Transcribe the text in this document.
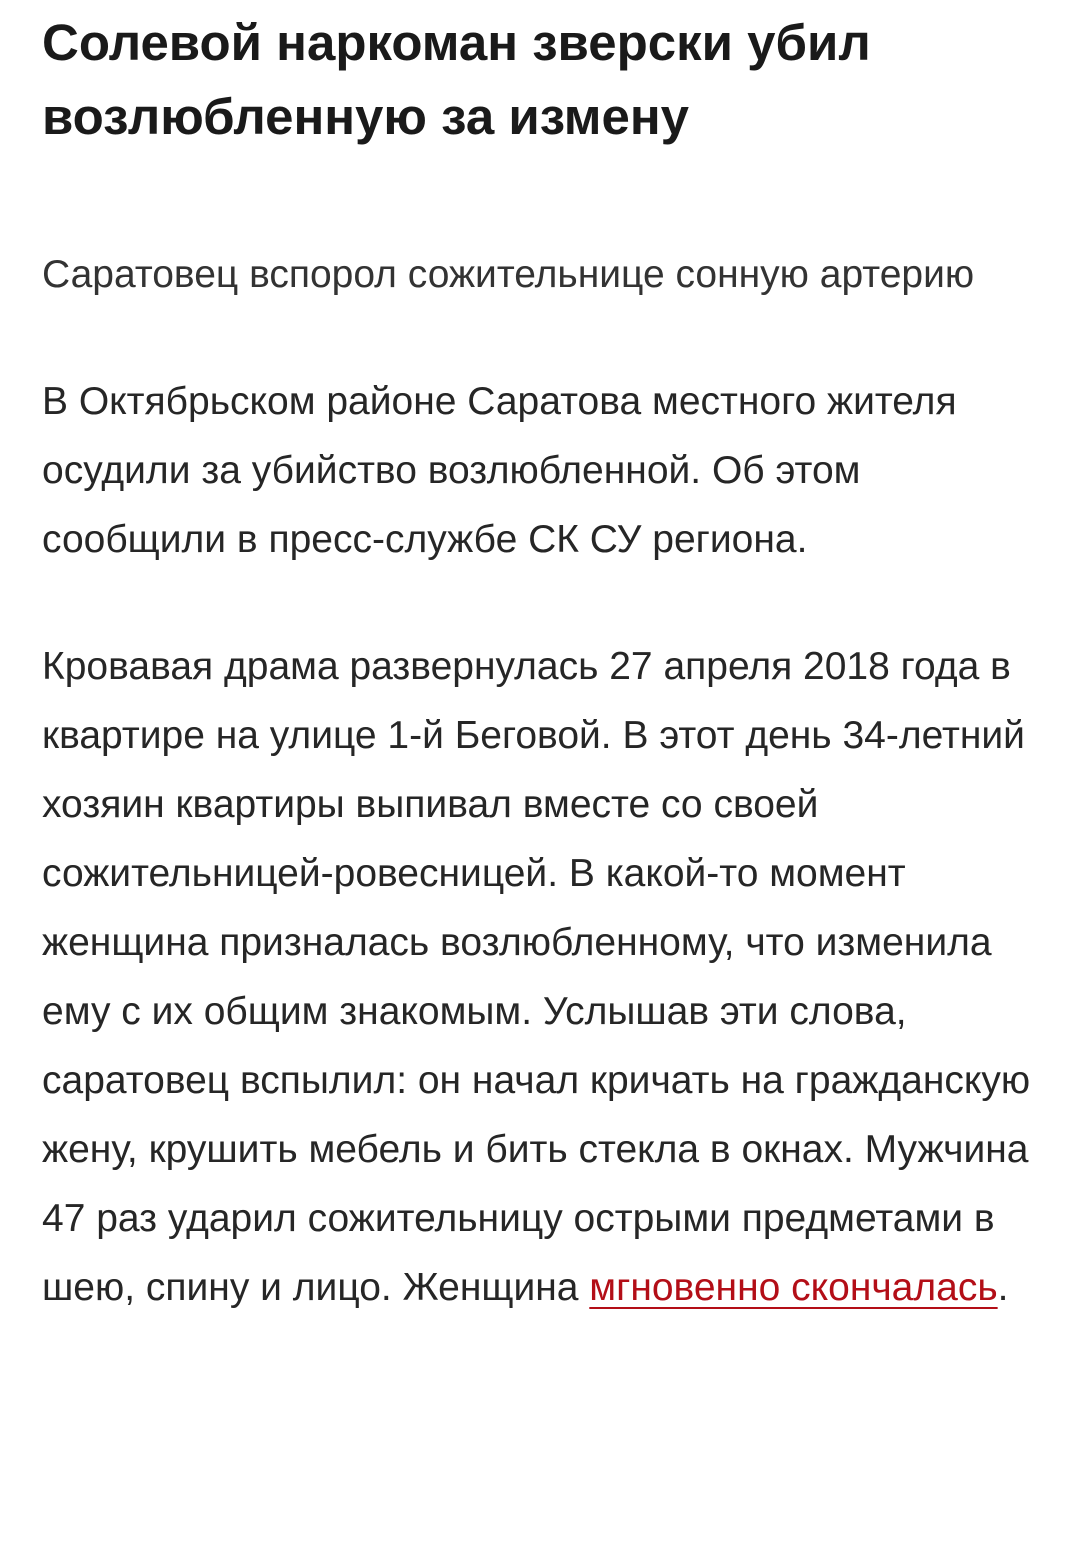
Солевой наркоман зверски убил возлюбленную за измену

Саратовец вспорол сожительнице сонную артерию

В Октябрьском районе Саратова местного жителя осудили за убийство возлюбленной. Об этом сообщили в пресс-службе СК СУ региона.

Кровавая драма развернулась 27 апреля 2018 года в квартире на улице 1-й Беговой. В этот день 34-летний хозяин квартиры выпивал вместе со своей сожительницей-ровесницей. В какой-то момент женщина призналась возлюбленному, что изменила ему с их общим знакомым. Услышав эти слова, саратовец вспылил: он начал кричать на гражданскую жену, крушить мебель и бить стекла в окнах. Мужчина 47 раз ударил сожительницу острыми предметами в шею, спину и лицо. Женщина мгновенно скончалась.
